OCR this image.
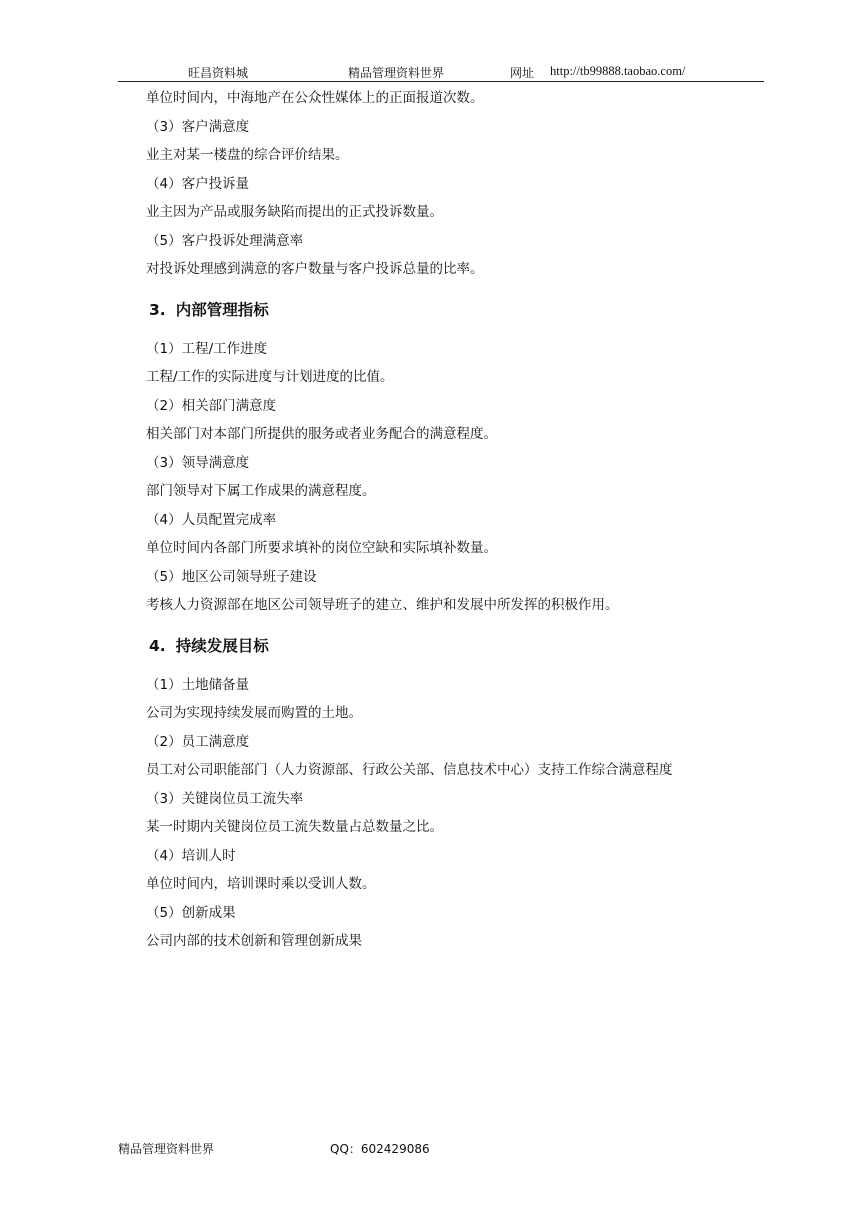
旺昌资料城	精品管理资料世界	网址 http://tb99888.taobao.com/
单位时间内，中海地产在公众性媒体上的正面报道次数。
（3）客户满意度
业主对某一楼盘的综合评价结果。
（4）客户投诉量
业主因为产品或服务缺陷而提出的正式投诉数量。
（5）客户投诉处理满意率
对投诉处理感到满意的客户数量与客户投诉总量的比率。
3. 内部管理指标
（1）工程/工作进度
工程/工作的实际进度与计划进度的比值。
（2）相关部门满意度
相关部门对本部门所提供的服务或者业务配合的满意程度。
（3）领导满意度
部门领导对下属工作成果的满意程度。
（4）人员配置完成率
单位时间内各部门所要求填补的岗位空缺和实际填补数量。
（5）地区公司领导班子建设
考核人力资源部在地区公司领导班子的建立、维护和发展中所发挥的积极作用。
4. 持续发展目标
（1）土地储备量
公司为实现持续发展而购置的土地。
（2）员工满意度
员工对公司职能部门（人力资源部、行政公关部、信息技术中心）支持工作综合满意程度
（3）关键岗位员工流失率
某一时期内关键岗位员工流失数量占总数量之比。
（4）培训人时
单位时间内，培训课时乘以受训人数。
（5）创新成果
公司内部的技术创新和管理创新成果
精品管理资料世界	QQ：602429086
